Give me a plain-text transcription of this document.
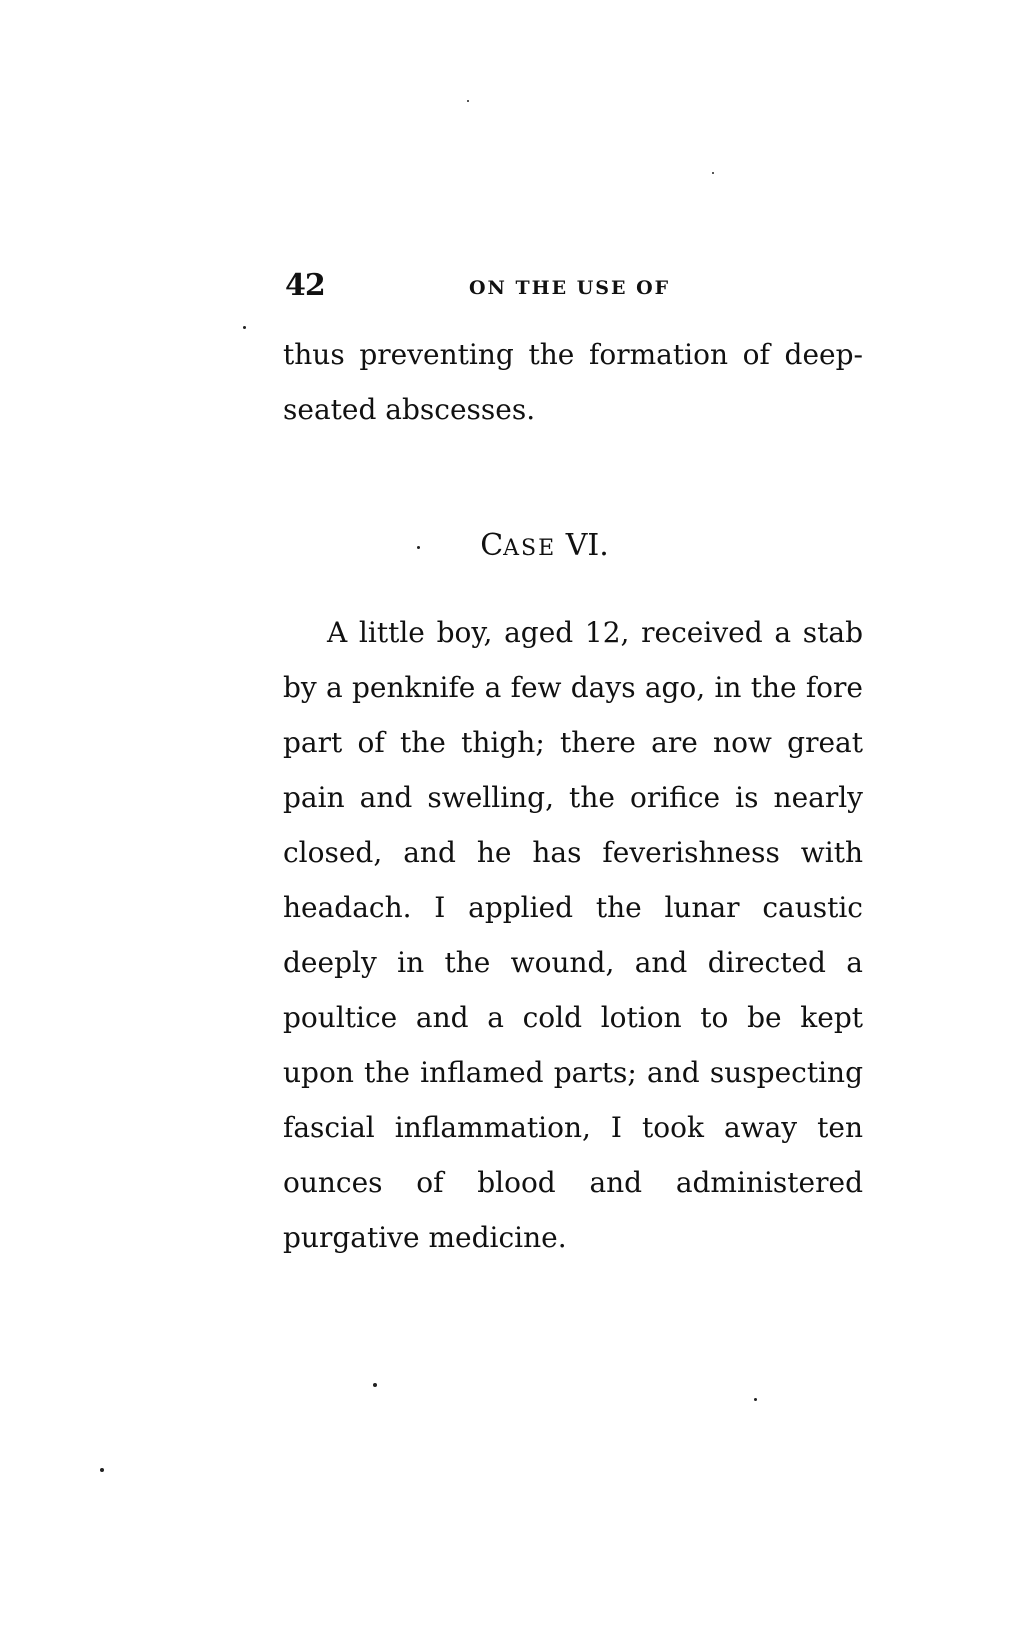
42	ON THE USE OF

thus preventing the formation of deep-seated abscesses.

CASE VI.

A little boy, aged 12, received a stab by a penknife a few days ago, in the fore part of the thigh; there are now great pain and swelling, the orifice is nearly closed, and he has feverishness with headach. I applied the lunar caustic deeply in the wound, and directed a poultice and a cold lotion to be kept upon the inflamed parts; and suspecting fascial inflammation, I took away ten ounces of blood and administered purgative medicine.
